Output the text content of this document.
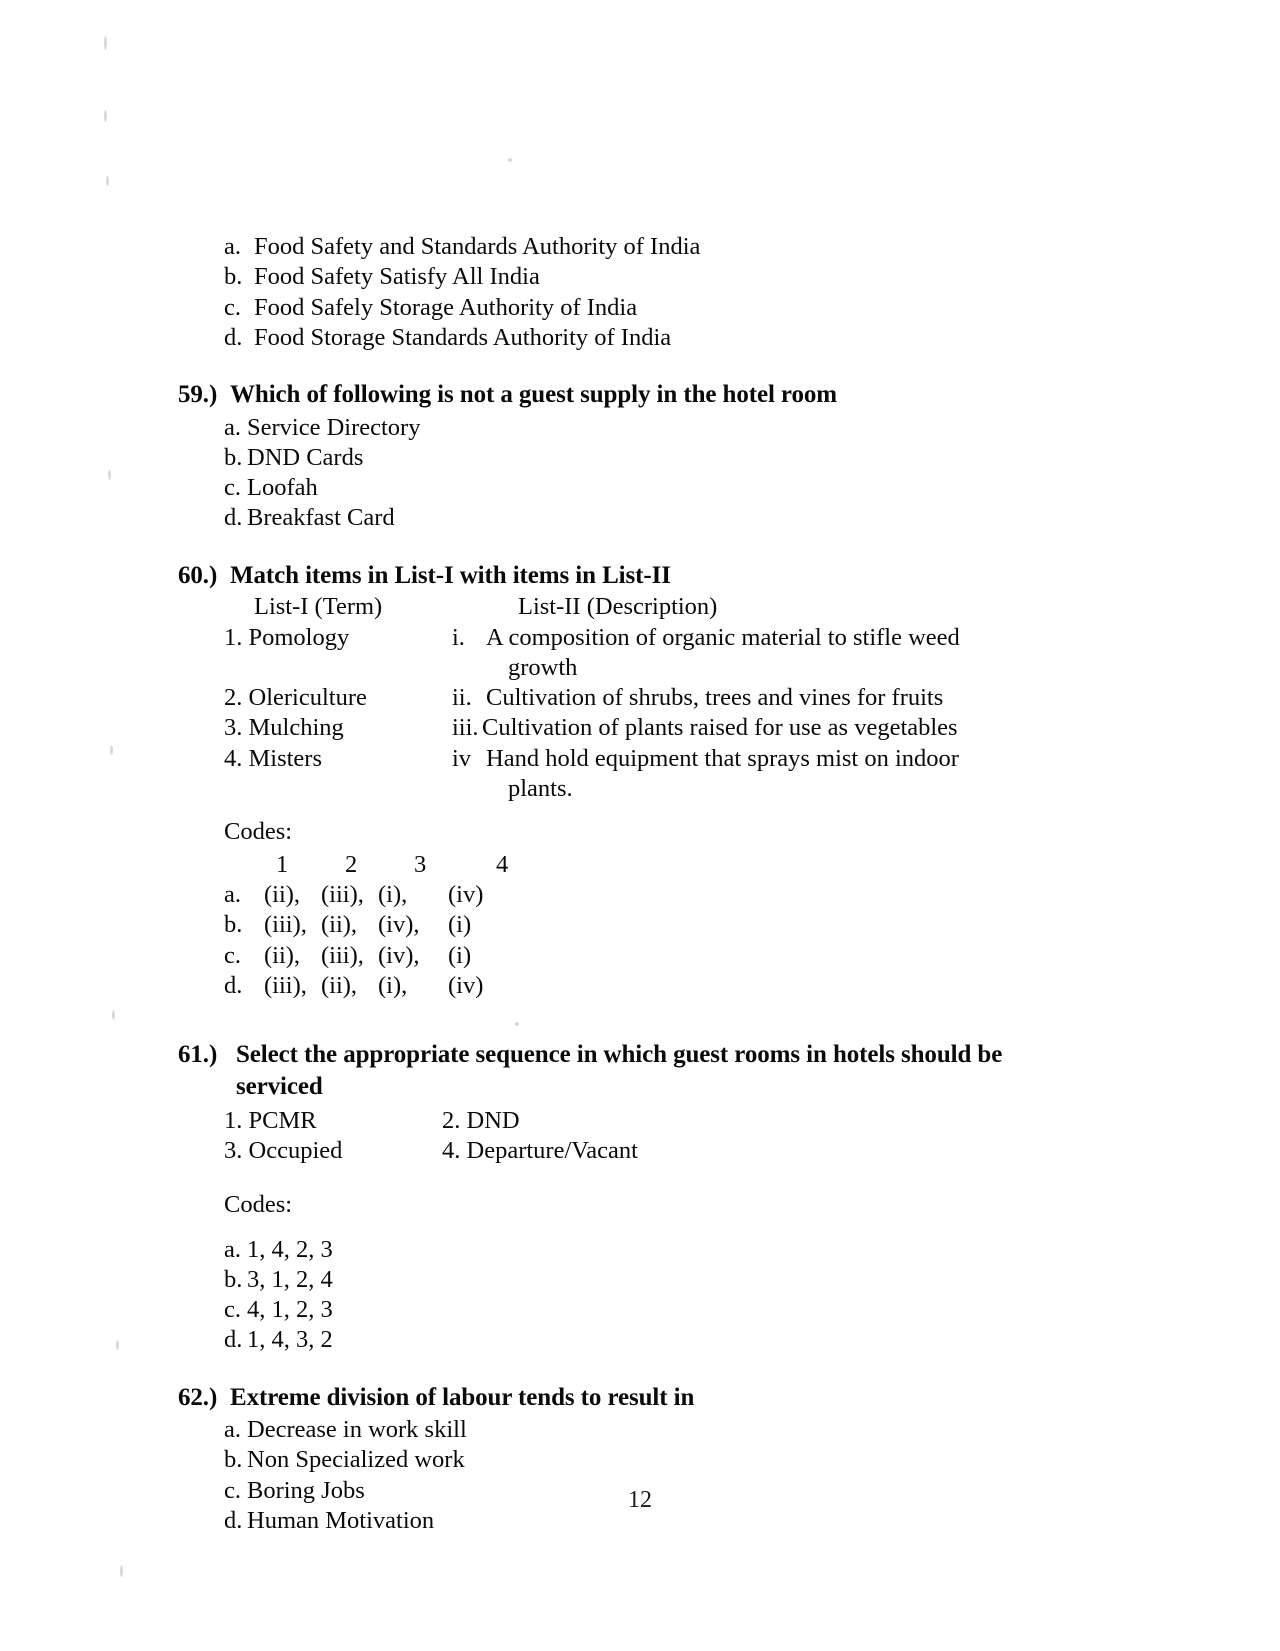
a. Food Safety and Standards Authority of India
b. Food Safety Satisfy All India
c. Food Safely Storage Authority of India
d. Food Storage Standards Authority of India
59.) Which of following is not a guest supply in the hotel room
a. Service Directory
b. DND Cards
c. Loofah
d. Breakfast Card
60.) Match items in List-I with items in List-II
List-I (Term)	List-II (Description)
1. Pomology	i. A composition of organic material to stifle weed
growth
2. Olericulture	ii. Cultivation of shrubs, trees and vines for fruits
3. Mulching	iii. Cultivation of plants raised for use as vegetables
4. Misters	iv Hand hold equipment that sprays mist on indoor
plants.
Codes:
1	2	3	4
a. (ii), (iii), (i),	(iv)
b. (iii), (ii), (iv),	(i)
c. (ii), (iii), (iv),	(i)
d. (iii), (ii), (i),	(iv)
61.) Select the appropriate sequence in which guest rooms in hotels should be serviced
1. PCMR	2. DND
3. Occupied	4. Departure/Vacant
Codes:
a. 1, 4, 2, 3
b. 3, 1, 2, 4
c. 4, 1, 2, 3
d. 1, 4, 3, 2
62.) Extreme division of labour tends to result in
a. Decrease in work skill
b. Non Specialized work
c. Boring Jobs
d. Human Motivation
12
